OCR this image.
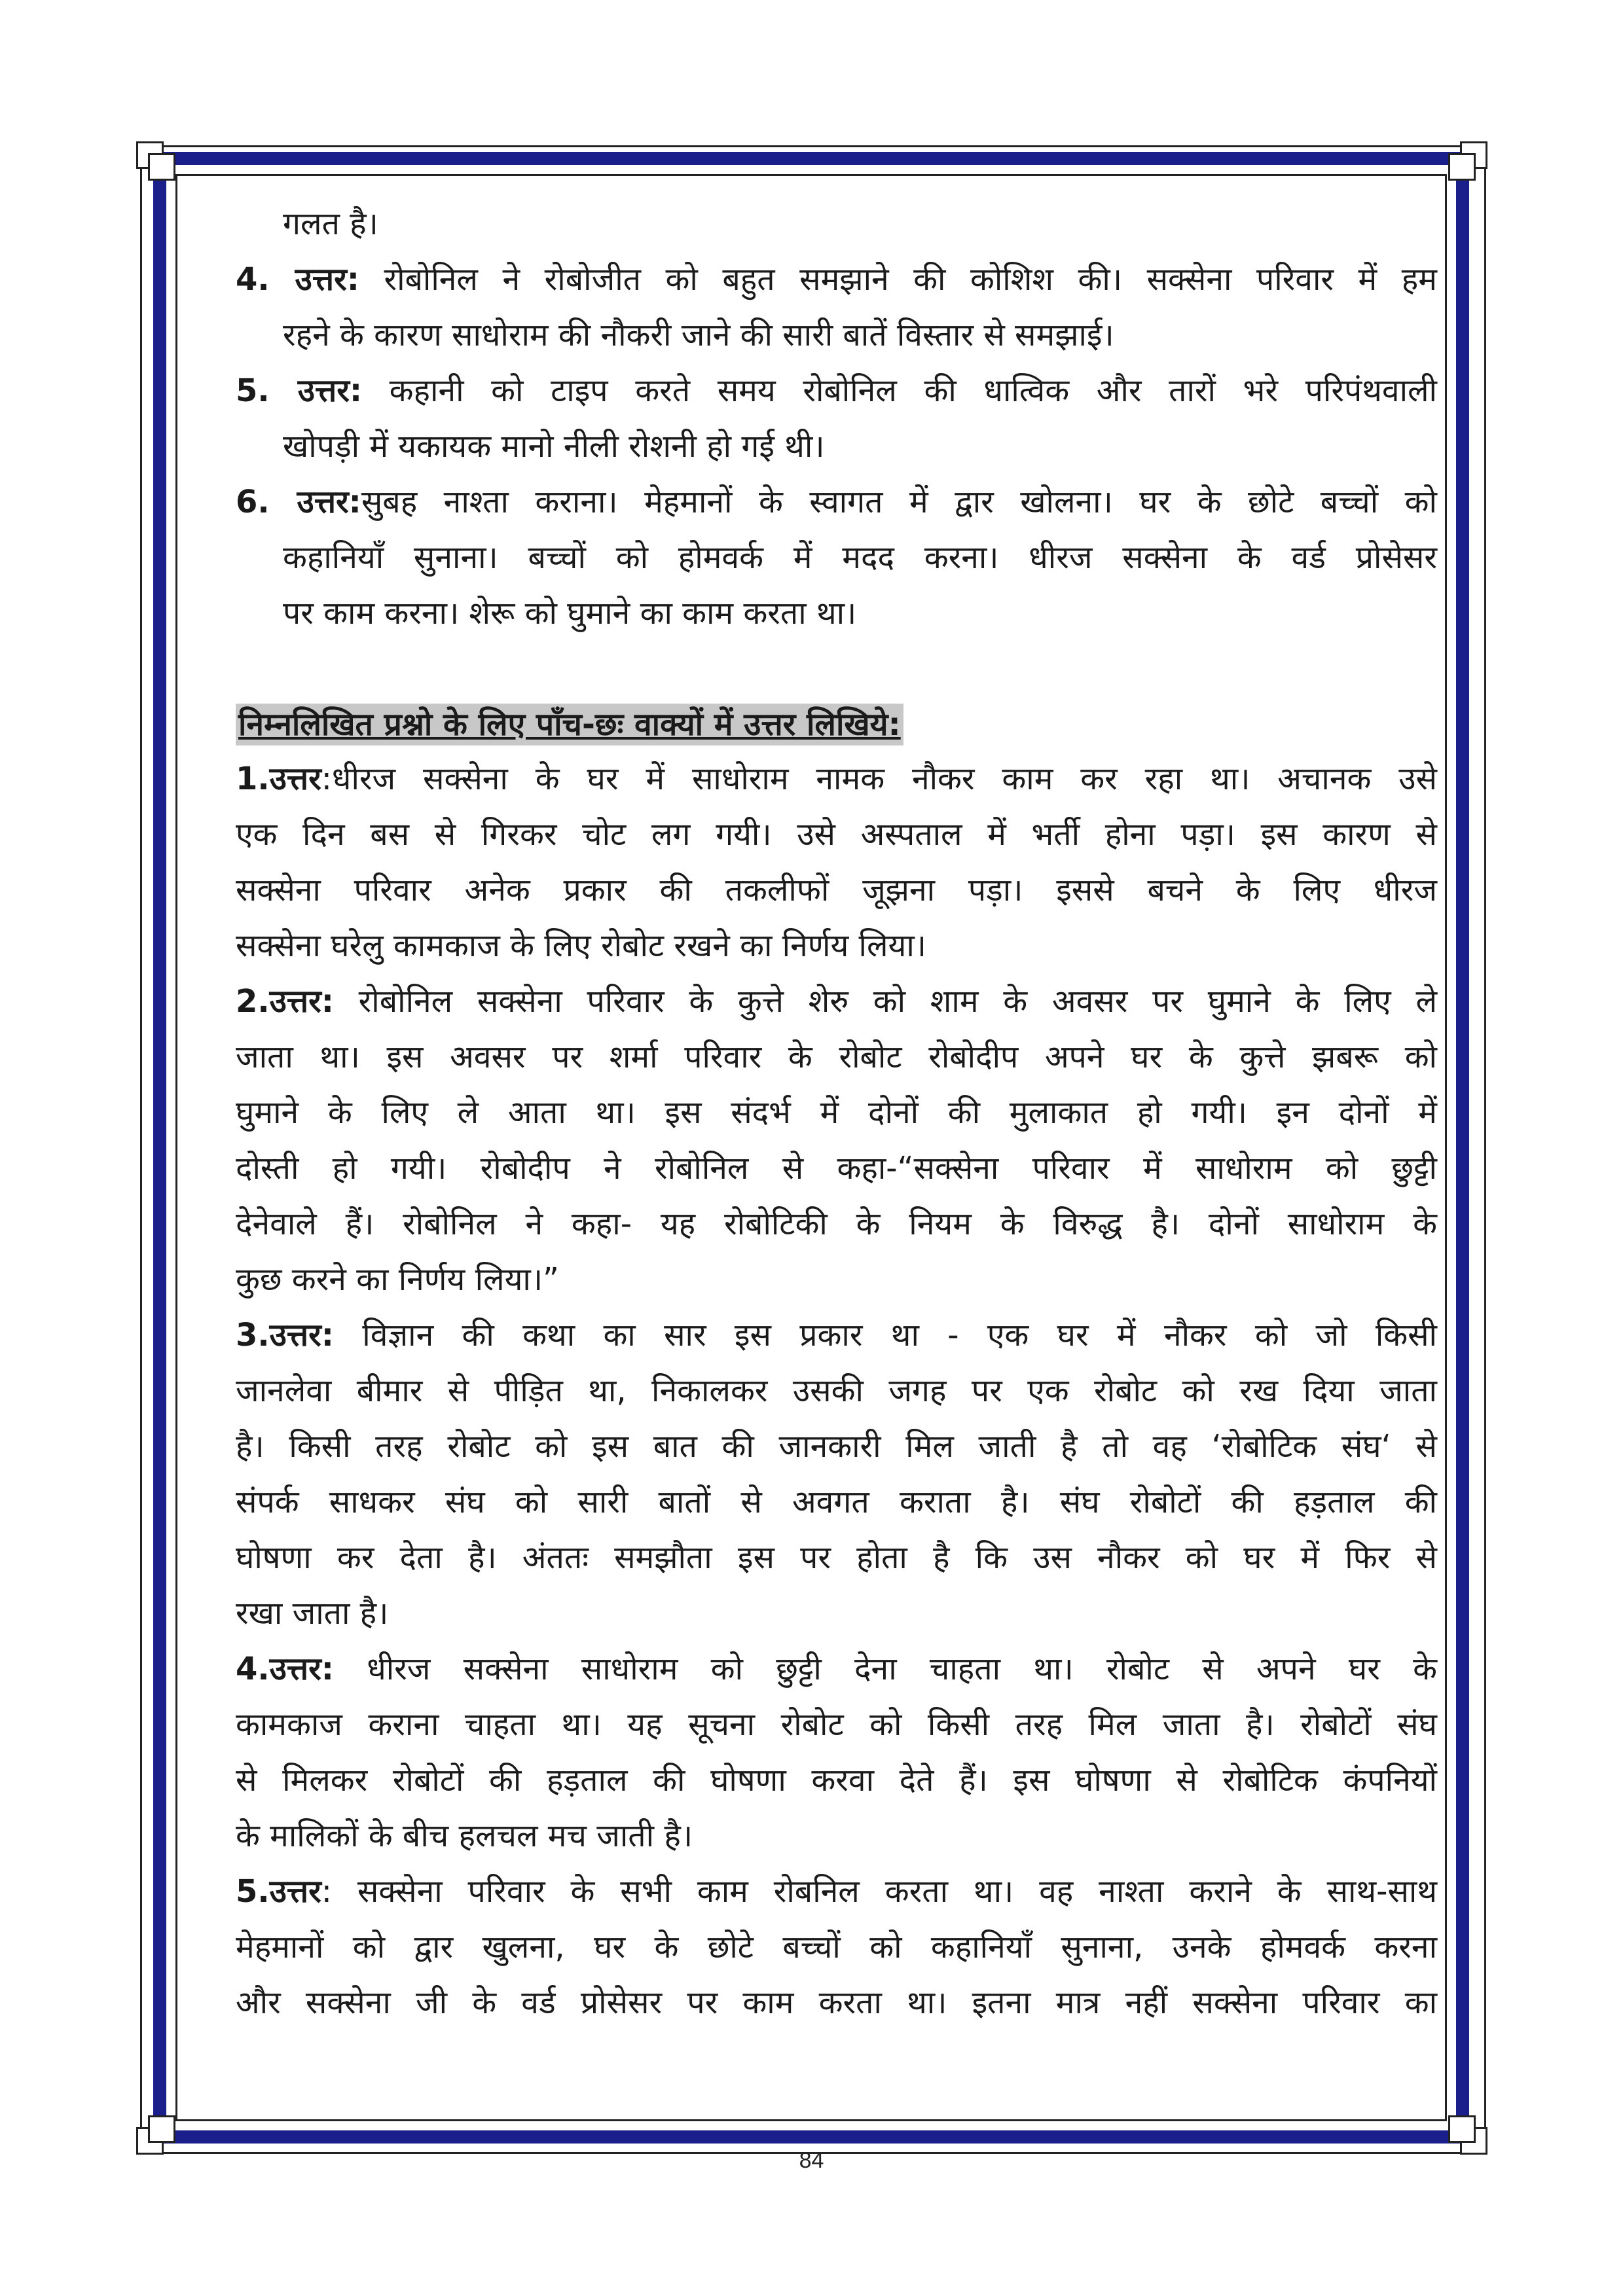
गलत है।
4. उत्तर: रोबोनिल ने रोबोजीत को बहुत समझाने की कोशिश की। सक्सेना परिवार में हम
रहने के कारण साधोराम की नौकरी जाने की सारी बातें विस्तार से समझाई।
5. उत्तर: कहानी को टाइप करते समय रोबोनिल की धात्विक और तारों भरे परिपंथवाली
खोपड़ी में यकायक मानो नीली रोशनी हो गई थी।
6. उत्तर:सुबह नाश्ता कराना। मेहमानों के स्वागत में द्वार खोलना। घर के छोटे बच्चों को
कहानियाँ सुनाना। बच्चों को होमवर्क में मदद करना। धीरज सक्सेना के वर्ड प्रोसेसर
पर काम करना। शेरू को घुमाने का काम करता था।
निम्नलिखित प्रश्नो के लिए पाँच-छः वाक्यों में उत्तर लिखिये:
1.उत्तर:धीरज सक्सेना के घर में साधोराम नामक नौकर काम कर रहा था। अचानक उसे
एक दिन बस से गिरकर चोट लग गयी। उसे अस्पताल में भर्ती होना पड़ा। इस कारण से
सक्सेना परिवार अनेक प्रकार की तकलीफों जूझना पड़ा। इससे बचने के लिए धीरज
सक्सेना घरेलु कामकाज के लिए रोबोट रखने का निर्णय लिया।
2.उत्तर: रोबोनिल सक्सेना परिवार के कुत्ते शेरु को शाम के अवसर पर घुमाने के लिए ले
जाता था। इस अवसर पर शर्मा परिवार के रोबोट रोबोदीप अपने घर के कुत्ते झबरू को
घुमाने के लिए ले आता था। इस संदर्भ में दोनों की मुलाकात हो गयी। इन दोनों में
दोस्ती हो गयी। रोबोदीप ने रोबोनिल से कहा-“सक्सेना परिवार में साधोराम को छुट्टी
देनेवाले हैं। रोबोनिल ने कहा- यह रोबोटिकी के नियम के विरुद्ध है। दोनों साधोराम के
कुछ करने का निर्णय लिया।”
3.उत्तर: विज्ञान की कथा का सार इस प्रकार था - एक घर में नौकर को जो किसी
जानलेवा बीमार से पीड़ित था, निकालकर उसकी जगह पर एक रोबोट को रख दिया जाता
है। किसी तरह रोबोट को इस बात की जानकारी मिल जाती है तो वह ‘रोबोटिक संघ‘ से
संपर्क साधकर संघ को सारी बातों से अवगत कराता है। संघ रोबोटों की हड़ताल की
घोषणा कर देता है। अंततः समझौता इस पर होता है कि उस नौकर को घर में फिर से
रखा जाता है।
4.उत्तर: धीरज सक्सेना साधोराम को छुट्टी देना चाहता था। रोबोट से अपने घर के
कामकाज कराना चाहता था। यह सूचना रोबोट को किसी तरह मिल जाता है। रोबोटों संघ
से मिलकर रोबोटों की हड़ताल की घोषणा करवा देते हैं। इस घोषणा से रोबोटिक कंपनियों
के मालिकों के बीच हलचल मच जाती है।
5.उत्तर: सक्सेना परिवार के सभी काम रोबनिल करता था। वह नाश्ता कराने के साथ-साथ
मेहमानों को द्वार खुलना, घर के छोटे बच्चों को कहानियाँ सुनाना, उनके होमवर्क करना
और सक्सेना जी के वर्ड प्रोसेसर पर काम करता था। इतना मात्र नहीं सक्सेना परिवार का
84
